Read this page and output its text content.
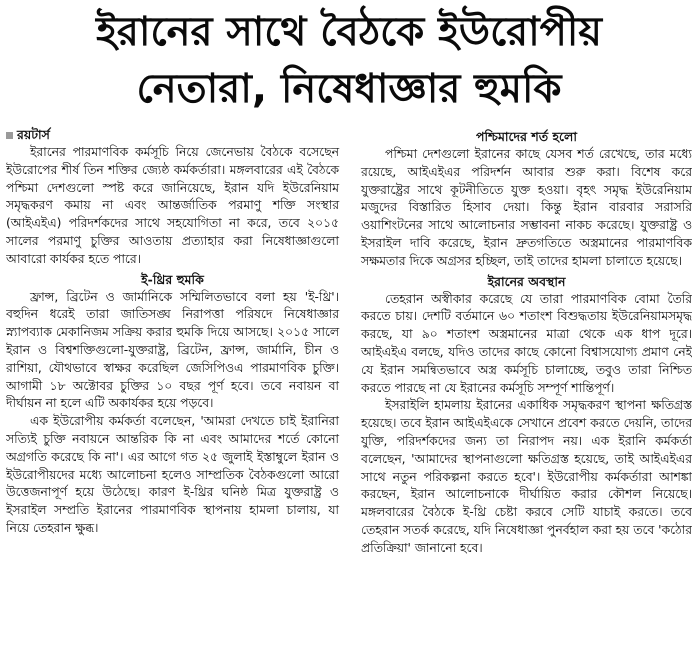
ইরানের সাথে বৈঠকে ইউরোপীয়
নেতারা, নিষেধাজ্ঞার হুমকি
রয়টার্স

ইরানের পারমাণবিক কর্মসূচি নিয়ে জেনেভায় বৈঠকে বসেছেন ইউরোপের শীর্ষ তিন শক্তির জ্যেষ্ঠ কর্মকর্তারা। মঙ্গলবারের এই বৈঠকে পশ্চিমা দেশগুলো স্পষ্ট করে জানিয়েছে, ইরান যদি ইউরেনিয়াম সমৃদ্ধকরণ কমায় না এবং আন্তর্জাতিক পরমাণু শক্তি সংস্থার (আইএইএ) পরিদর্শকদের সাথে সহযোগিতা না করে, তবে ২০১৫ সালের পরমাণু চুক্তির আওতায় প্রত্যাহার করা নিষেধাজ্ঞাগুলো আবারো কার্যকর হতে পারে।

ই-থ্রির হুমকি

ফ্রান্স, ব্রিটেন ও জার্মানিকে সম্মিলিতভাবে বলা হয় 'ই-থ্রি'। বহুদিন ধরেই তারা জাতিসঙ্ঘ নিরাপত্তা পরিষদে নিষেধাজ্ঞার স্ন্যাপব্যাক মেকানিজম সক্রিয় করার হুমকি দিয়ে আসছে। ২০১৫ সালে ইরান ও বিশ্বশক্তিগুলো-যুক্তরাষ্ট্র, ব্রিটেন, ফ্রান্স, জার্মানি, চীন ও রাশিয়া, যৌথভাবে স্বাক্ষর করেছিল জেসিপিওএ পারমাণবিক চুক্তি। আগামী ১৮ অক্টোবর চুক্তির ১০ বছর পূর্ণ হবে। তবে নবায়ন বা দীর্ঘায়ন না হলে এটি অকার্যকর হয়ে পড়বে।

এক ইউরোপীয় কর্মকর্তা বলেছেন, 'আমরা দেখতে চাই ইরানিরা সত্যিই চুক্তি নবায়নে আন্তরিক কি না এবং আমাদের শর্তে কোনো অগ্রগতি করেছে কি না'। এর আগে গত ২৫ জুলাই ইস্তাম্বুলে ইরান ও ইউরোপীয়দের মধ্যে আলোচনা হলেও সাম্প্রতিক বৈঠকগুলো আরো উত্তেজনাপূর্ণ হয়ে উঠেছে। কারণ ই-থ্রির ঘনিষ্ঠ মিত্র যুক্তরাষ্ট্র ও ইসরাইল সম্প্রতি ইরানের পারমাণবিক স্থাপনায় হামলা চালায়, যা নিয়ে তেহরান ক্ষুব্ধ।

পশ্চিমাদের শর্ত হলো

পশ্চিমা দেশগুলো ইরানের কাছে যেসব শর্ত রেখেছে, তার মধ্যে রয়েছে, আইএইএর পরিদর্শন আবার শুরু করা। বিশেষ করে যুক্তরাষ্ট্রের সাথে কূটনীতিতে যুক্ত হওয়া। বৃহৎ সমৃদ্ধ ইউরেনিয়াম মজুদের বিস্তারিত হিসাব দেয়া। কিন্তু ইরান বারবার সরাসরি ওয়াশিংটনের সাথে আলোচনার সম্ভাবনা নাকচ করেছে। যুক্তরাষ্ট্র ও ইসরাইল দাবি করেছে, ইরান দ্রুতগতিতে অস্ত্রমানের পারমাণবিক সক্ষমতার দিকে অগ্রসর হচ্ছিল, তাই তাদের হামলা চালাতে হয়েছে।

ইরানের অবস্থান

তেহরান অস্বীকার করেছে যে তারা পারমাণবিক বোমা তৈরি করতে চায়। দেশটি বর্তমানে ৬০ শতাংশ বিশুদ্ধতায় ইউরেনিয়ামসমৃদ্ধ করছে, যা ৯০ শতাংশ অস্ত্রমানের মাত্রা থেকে এক ধাপ দূরে। আইএইএ বলছে, যদিও তাদের কাছে কোনো বিশ্বাসযোগ্য প্রমাণ নেই যে ইরান সমন্বিতভাবে অস্ত্র কর্মসূচি চালাচ্ছে, তবুও তারা নিশ্চিত করতে পারছে না যে ইরানের কর্মসূচি সম্পূর্ণ শান্তিপূর্ণ।

ইসরাইলি হামলায় ইরানের একাধিক সমৃদ্ধকরণ স্থাপনা ক্ষতিগ্রস্ত হয়েছে। তবে ইরান আইএইএকে সেখানে প্রবেশ করতে দেয়নি, তাদের যুক্তি, পরিদর্শকদের জন্য তা নিরাপদ নয়। এক ইরানি কর্মকর্তা বলেছেন, 'আমাদের স্থাপনাগুলো ক্ষতিগ্রস্ত হয়েছে, তাই আইএইএর সাথে নতুন পরিকল্পনা করতে হবে'। ইউরোপীয় কর্মকর্তারা আশঙ্কা করছেন, ইরান আলোচনাকে দীর্ঘায়িত করার কৌশল নিয়েছে। মঙ্গলবারের বৈঠকে ই-থ্রি চেষ্টা করবে সেটি যাচাই করতে। তবে তেহরান সতর্ক করেছে, যদি নিষেধাজ্ঞা পুনর্বহাল করা হয় তবে 'কঠোর প্রতিক্রিয়া' জানানো হবে।
